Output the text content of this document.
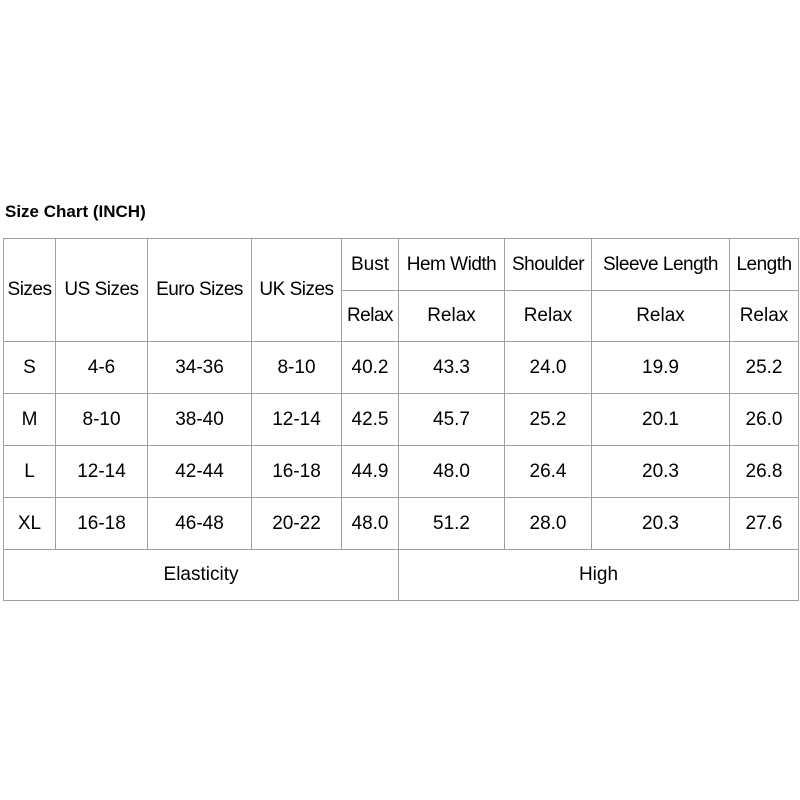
Size Chart (INCH)
Sizes	US Sizes	Euro Sizes	UK Sizes	Bust	Hem Width	Shoulder	Sleeve Length	Length
				Relax	Relax	Relax	Relax	Relax
S	4-6	34-36	8-10	40.2	43.3	24.0	19.9	25.2
M	8-10	38-40	12-14	42.5	45.7	25.2	20.1	26.0
L	12-14	42-44	16-18	44.9	48.0	26.4	20.3	26.8
XL	16-18	46-48	20-22	48.0	51.2	28.0	20.3	27.6
Elasticity					High			
